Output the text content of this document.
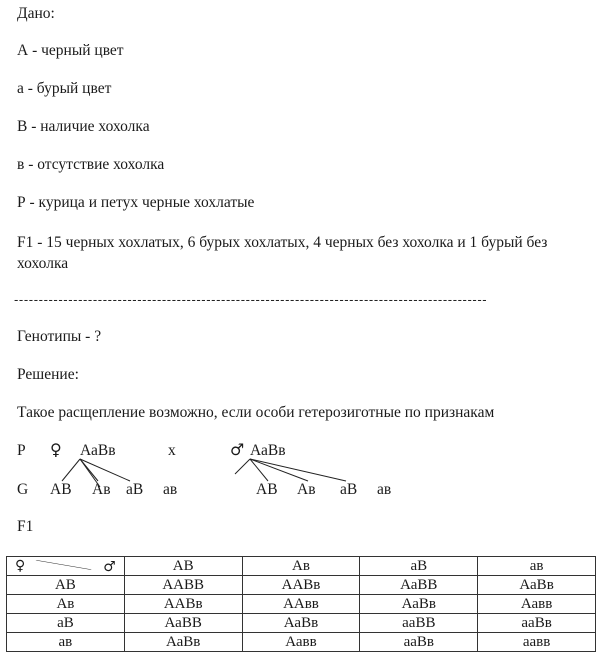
Дано:
А - черный цвет
а - бурый цвет
В - наличие хохолка
в - отсутствие хохолка
Р - курица и петух черные хохлатые
F1 - 15 черных хохлатых, 6 бурых хохлатых, 4 черных без хохолка и 1 бурый без хохолка
------------------------------------------------------------------------------------------------
Генотипы - ?
Решение:
Такое расщепление возможно, если особи гетерозиготные по признакам
P ♀ АаВв	х	♂ АаВв
G АВ Ав аВ ав	АВ Ав аВ ав
F1
♀ ♂	АВ	Ав	аВ	ав
АВ	ААВВ	ААВв	АаВВ	АаВв
Ав	ААВв	ААвв	АаВв	Аавв
аВ	АаВВ	АаВв	ааВВ	ааВв
ав	АаВв	Аавв	ааВв	аавв
